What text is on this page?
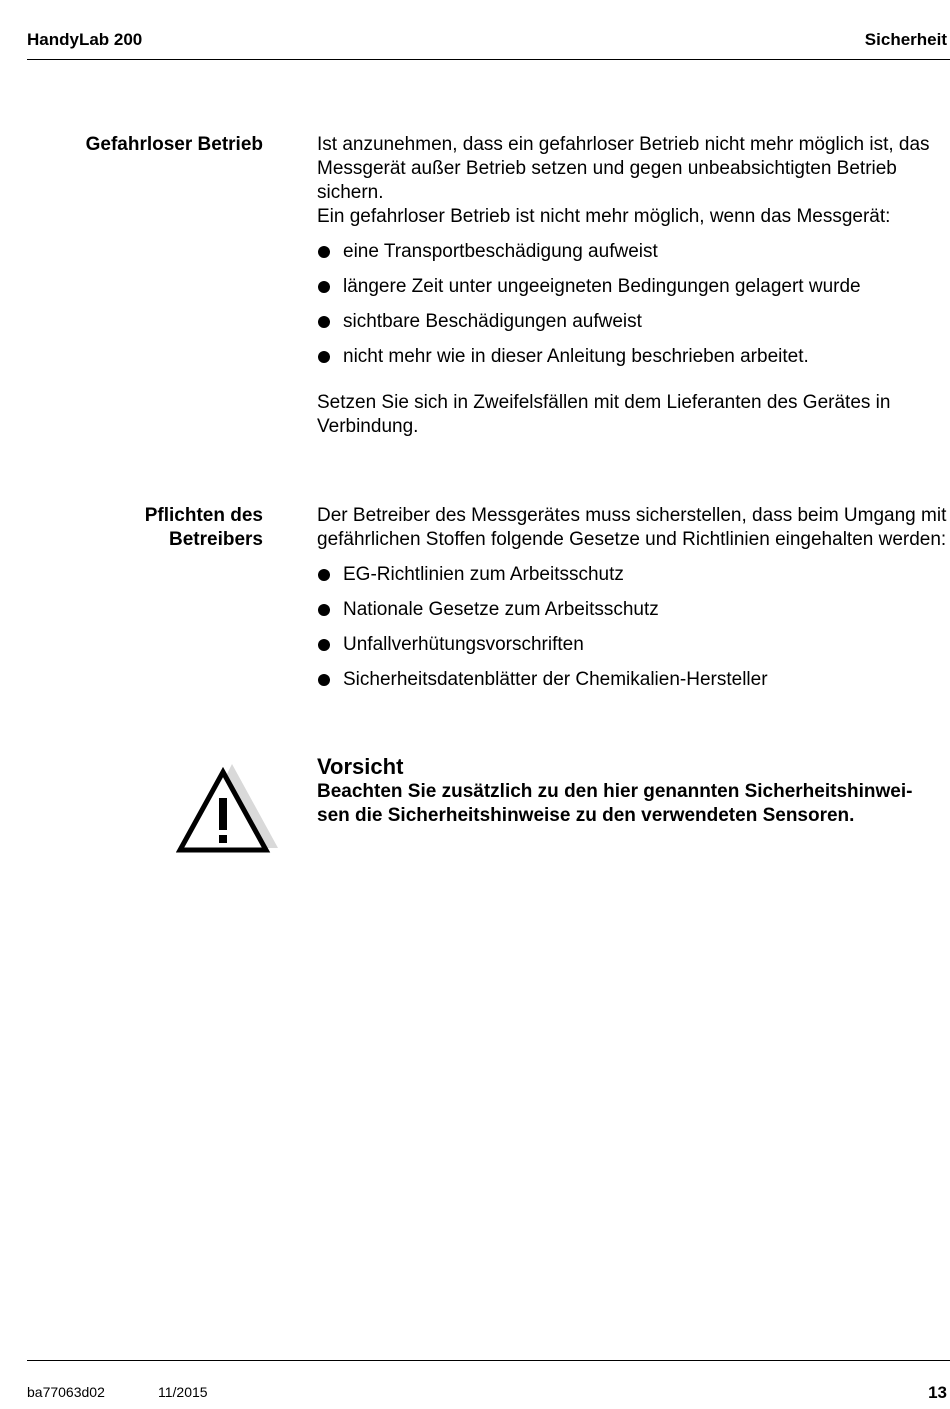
HandyLab 200	Sicherheit
Gefahrloser Betrieb	Ist anzunehmen, dass ein gefahrloser Betrieb nicht mehr möglich ist, das Messgerät außer Betrieb setzen und gegen unbeabsichtigten Betrieb sichern.

Ein gefahrloser Betrieb ist nicht mehr möglich, wenn das Messgerät:

eine Transportbeschädigung aufweist
längere Zeit unter ungeeigneten Bedingungen gelagert wurde
sichtbare Beschädigungen aufweist
nicht mehr wie in dieser Anleitung beschrieben arbeitet.

Setzen Sie sich in Zweifelsfällen mit dem Lieferanten des Gerätes in Verbindung.

Pflichten des
Betreibers

Der Betreiber des Messgerätes muss sicherstellen, dass beim Umgang mit gefährlichen Stoffen folgende Gesetze und Richtlinien eingehalten werden:

EG-Richtlinien zum Arbeitsschutz
Nationale Gesetze zum Arbeitsschutz
Unfallverhütungsvorschriften
Sicherheitsdatenblätter der Chemikalien-Hersteller
Vorsicht
Beachten Sie zusätzlich zu den hier genannten Sicherheitshinwei-
sen die Sicherheitshinweise zu den verwendeten Sensoren.
ba77063d02	11/2015	13
